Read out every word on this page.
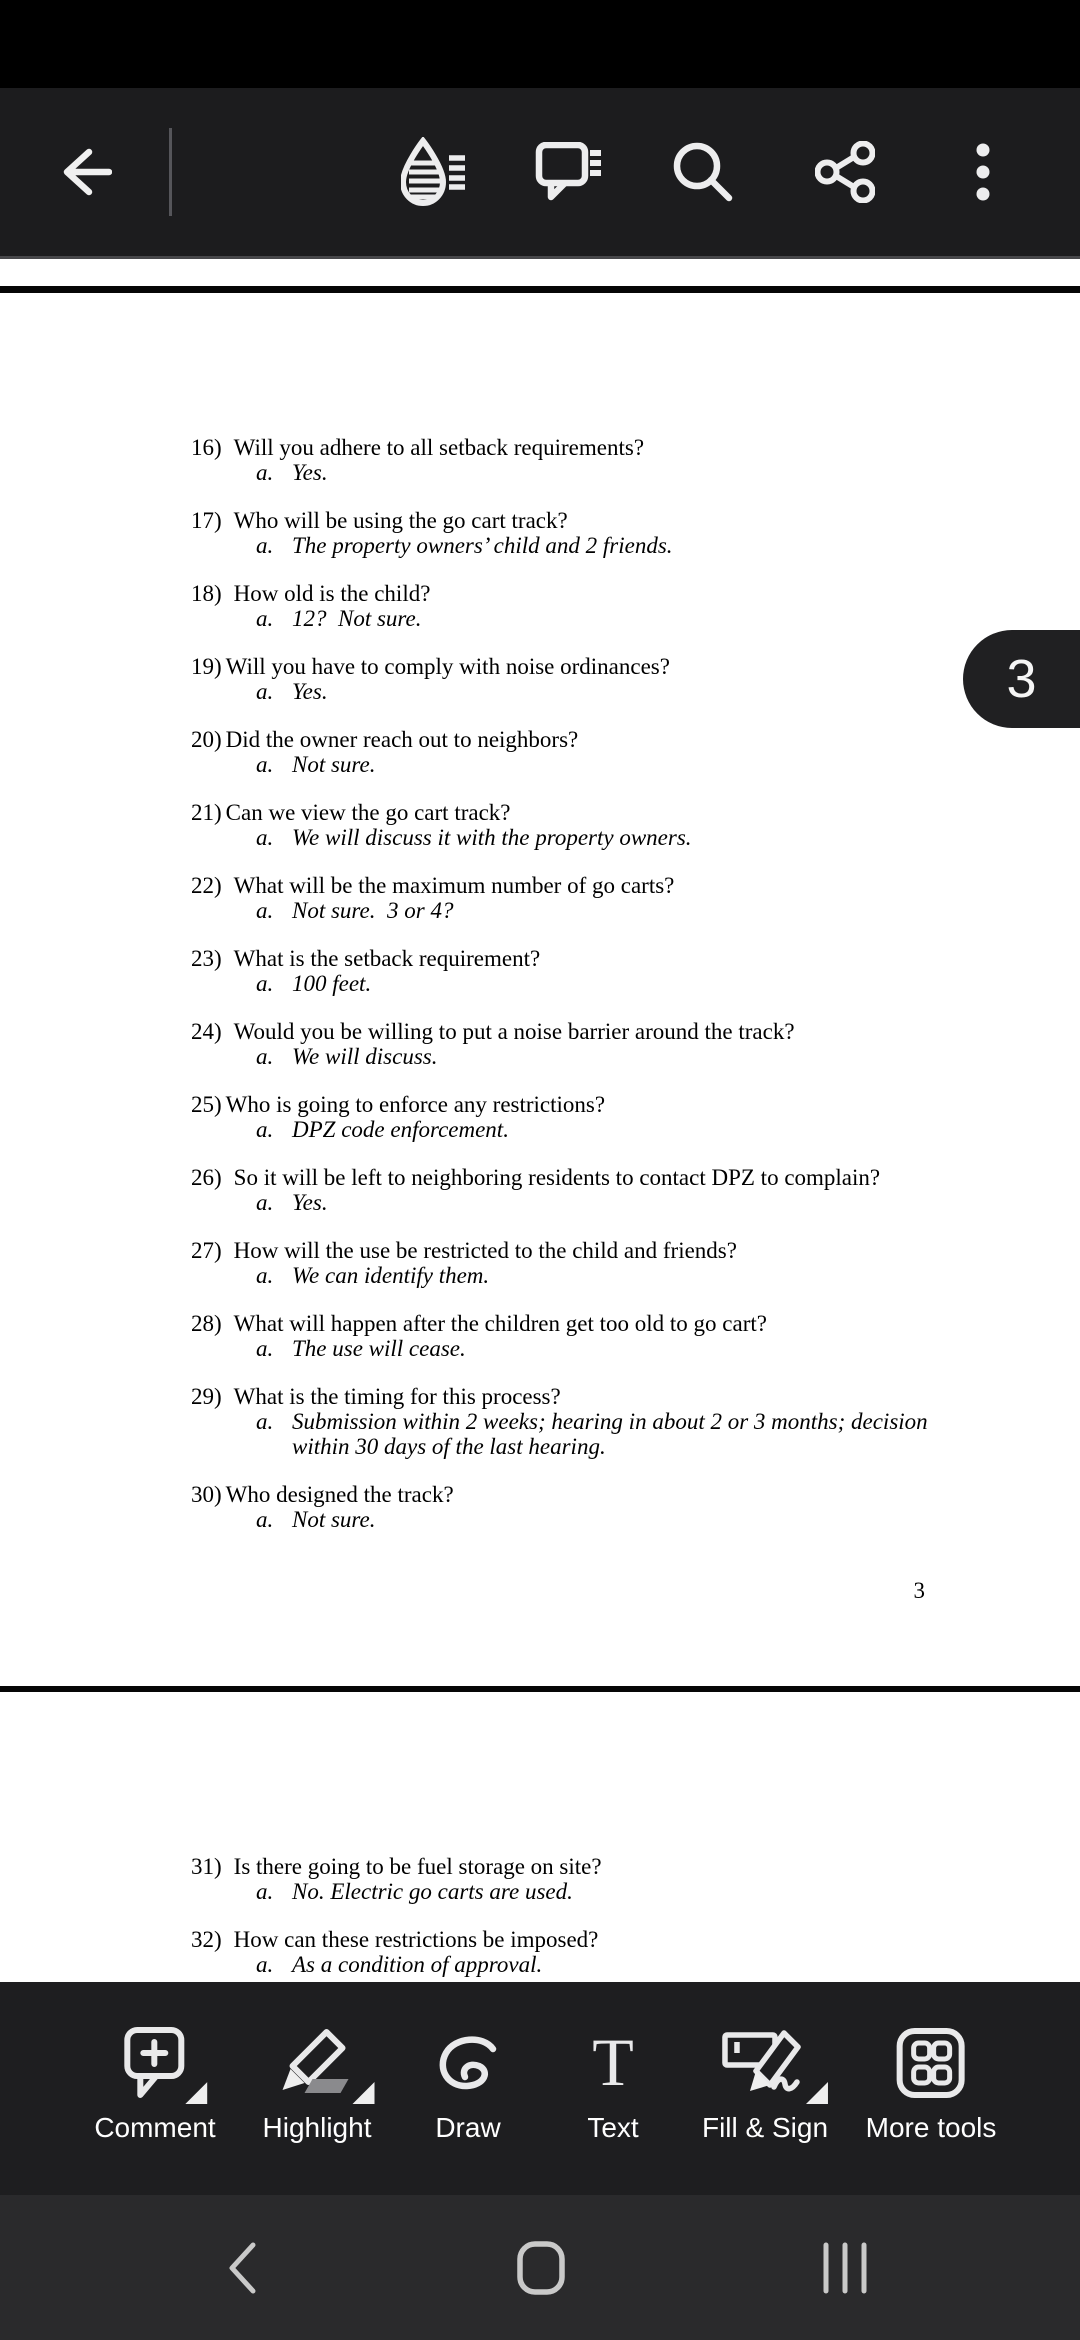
16) Will you adhere to all setback requirements?
a. Yes.
17) Who will be using the go cart track?
a. The property owners’ child and 2 friends.
18) How old is the child?
a. 12?  Not sure.
19) Will you have to comply with noise ordinances?
a. Yes.
20) Did the owner reach out to neighbors?
a. Not sure.
21) Can we view the go cart track?
a. We will discuss it with the property owners.
22) What will be the maximum number of go carts?
a. Not sure.  3 or 4?
23) What is the setback requirement?
a. 100 feet.
24) Would you be willing to put a noise barrier around the track?
a. We will discuss.
25) Who is going to enforce any restrictions?
a. DPZ code enforcement.
26) So it will be left to neighboring residents to contact DPZ to complain?
a. Yes.
27) How will the use be restricted to the child and friends?
a. We can identify them.
28) What will happen after the children get too old to go cart?
a. The use will cease.
29) What is the timing for this process?
a. Submission within 2 weeks; hearing in about 2 or 3 months; decision within 30 days of the last hearing.
30) Who designed the track?
a. Not sure.
3
31) Is there going to be fuel storage on site?
a. No. Electric go carts are used.
32) How can these restrictions be imposed?
a. As a condition of approval.
3
Comment Highlight Draw
T
Text Fill & Sign More tools
